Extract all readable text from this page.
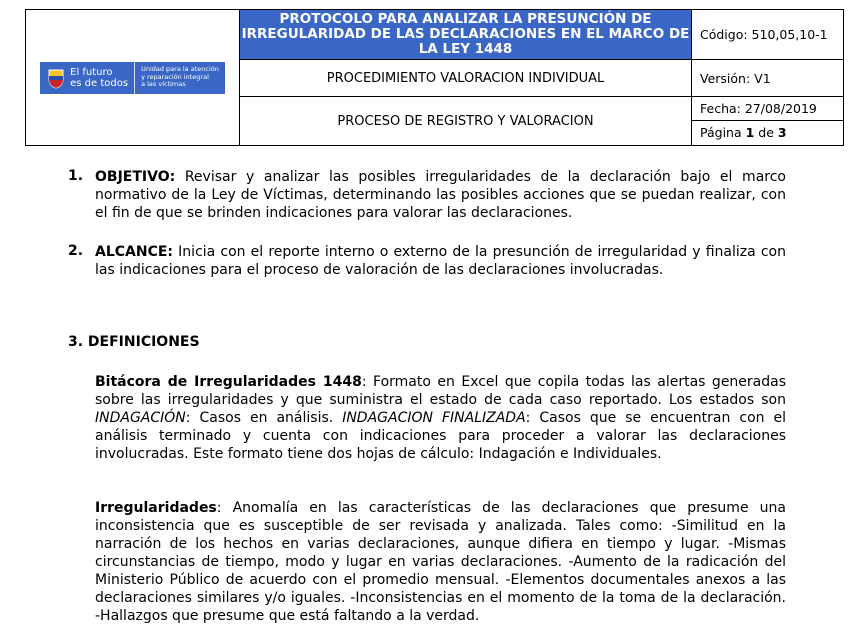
El futuro
es de todos
Unidad para la atención
y reparación integral
a las víctimas	PROTOCOLO PARA ANALIZAR LA PRESUNCIÓN DE IRREGULARIDAD DE LAS DECLARACIONES EN EL MARCO DE LA LEY 1448	Código: 510,05,10-1
	PROCEDIMIENTO VALORACION INDIVIDUAL	Versión: V1
	PROCESO DE REGISTRO Y VALORACION	Fecha: 27/08/2019
Página 1 de 3
1. OBJETIVO: Revisar y analizar las posibles irregularidades de la declaración bajo el marco normativo de la Ley de Víctimas, determinando las posibles acciones que se puedan realizar, con el fin de que se brinden indicaciones para valorar las declaraciones.
2. ALCANCE: Inicia con el reporte interno o externo de la presunción de irregularidad y finaliza con las indicaciones para el proceso de valoración de las declaraciones involucradas.
3. DEFINICIONES
Bitácora de Irregularidades 1448: Formato en Excel que copila todas las alertas generadas sobre las irregularidades y que suministra el estado de cada caso reportado. Los estados son INDAGACIÓN: Casos en análisis. INDAGACION FINALIZADA: Casos que se encuentran con el análisis terminado y cuenta con indicaciones para proceder a valorar las declaraciones involucradas. Este formato tiene dos hojas de cálculo: Indagación e Individuales.
Irregularidades: Anomalía en las características de las declaraciones que presume una inconsistencia que es susceptible de ser revisada y analizada. Tales como: -Similitud en la narración de los hechos en varias declaraciones, aunque difiera en tiempo y lugar. -Mismas circunstancias de tiempo, modo y lugar en varias declaraciones. -Aumento de la radicación del Ministerio Público de acuerdo con el promedio mensual. -Elementos documentales anexos a las declaraciones similares y/o iguales. -Inconsistencias en el momento de la toma de la declaración. -Hallazgos que presume que está faltando a la verdad.
